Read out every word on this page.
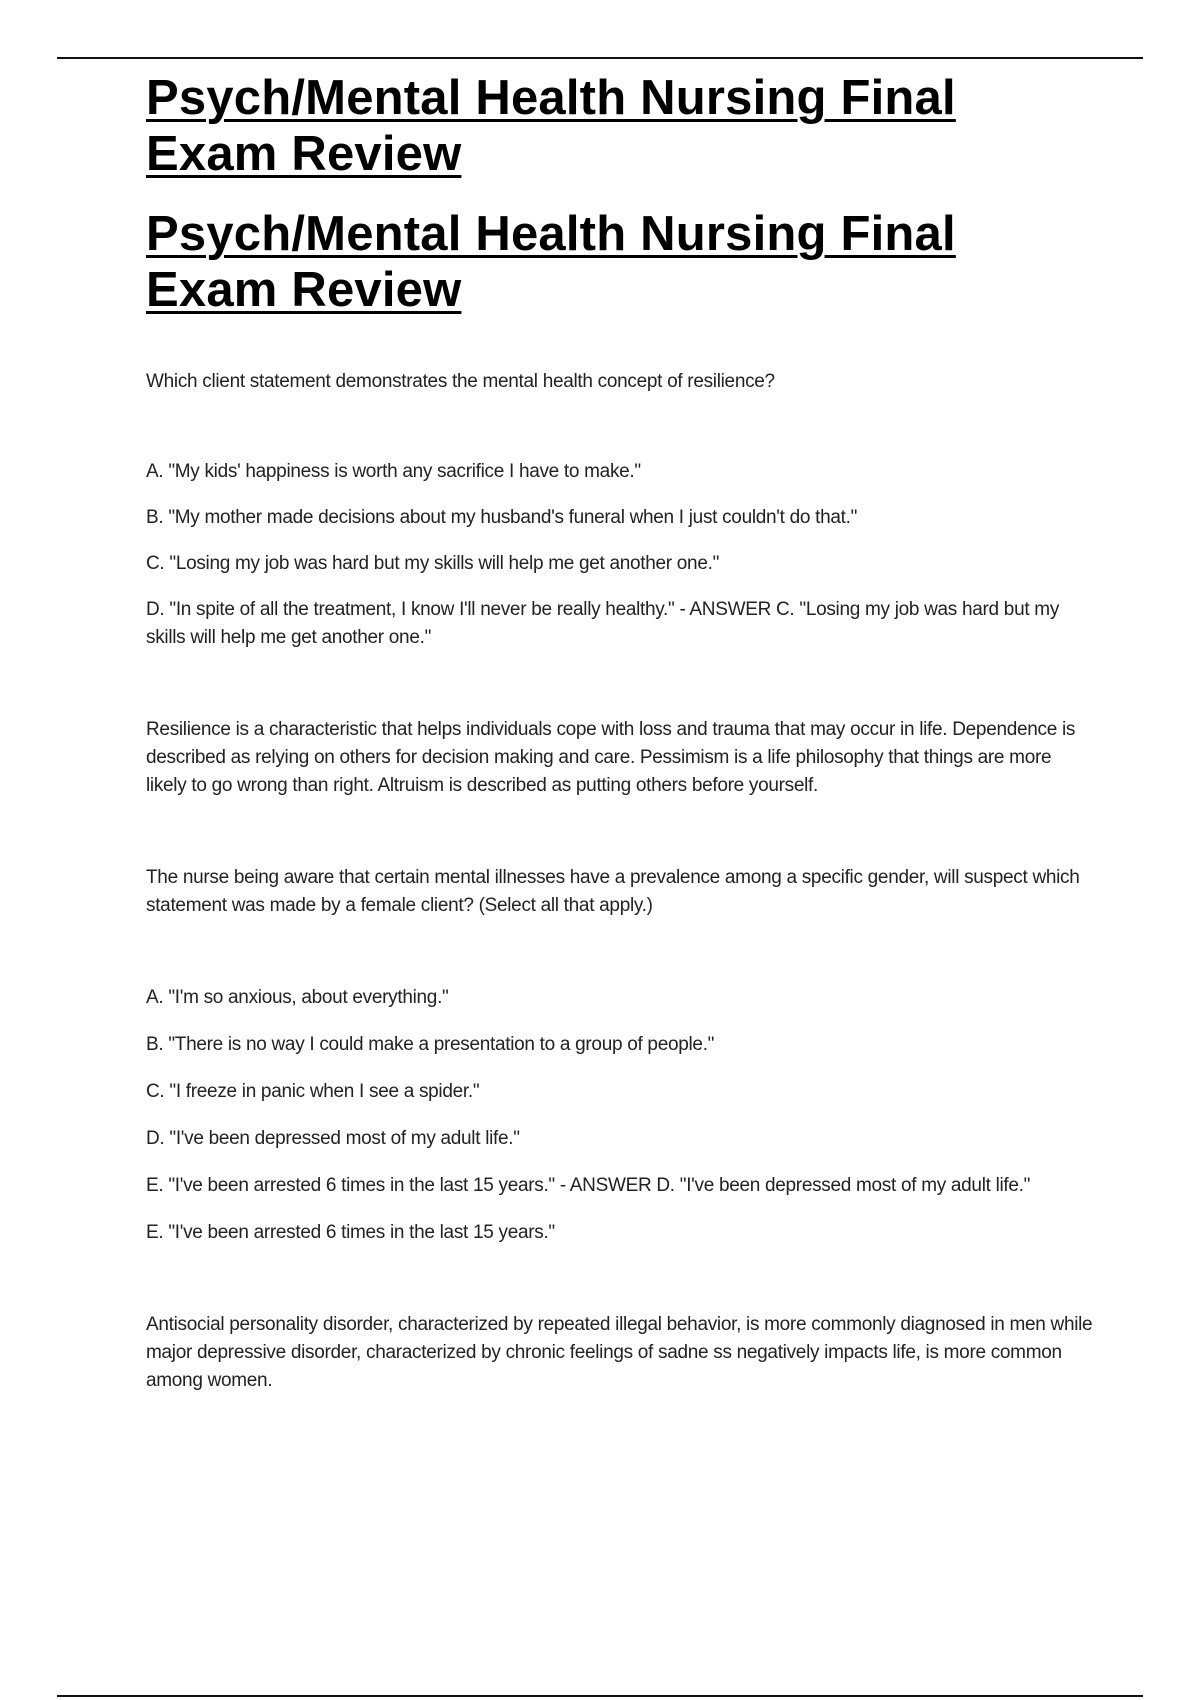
Psych/Mental Health Nursing Final Exam Review
Psych/Mental Health Nursing Final Exam Review

Which client statement demonstrates the mental health concept of resilience?

A. "My kids' happiness is worth any sacrifice I have to make."
B. "My mother made decisions about my husband's funeral when I just couldn't do that."
C. "Losing my job was hard but my skills will help me get another one."
D. "In spite of all the treatment, I know I'll never be really healthy." - ANSWER C. "Losing my job was hard but my skills will help me get another one."

Resilience is a characteristic that helps individuals cope with loss and trauma that may occur in life. Dependence is described as relying on others for decision making and care. Pessimism is a life philosophy that things are more likely to go wrong than right. Altruism is described as putting others before yourself.

The nurse being aware that certain mental illnesses have a prevalence among a specific gender, will suspect which statement was made by a female client? (Select all that apply.)

A. "I'm so anxious, about everything."
B. "There is no way I could make a presentation to a group of people."
C. "I freeze in panic when I see a spider."
D. "I've been depressed most of my adult life."
E. "I've been arrested 6 times in the last 15 years." - ANSWER D. "I've been depressed most of my adult life."
E. "I've been arrested 6 times in the last 15 years."

Antisocial personality disorder, characterized by repeated illegal behavior, is more commonly diagnosed in men while major depressive disorder, characterized by chronic feelings of sadne ss negatively impacts life, is more common among women.
